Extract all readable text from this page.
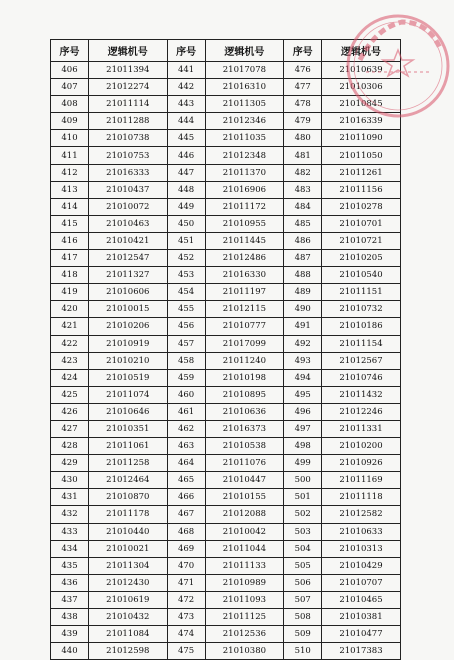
序号	逻辑机号	序号	逻辑机号	序号	逻辑机号
406	21011394	441	21017078	476	21010639
407	21012274	442	21016310	477	21010306
408	21011114	443	21011305	478	21010845
409	21011288	444	21012346	479	21016339
410	21010738	445	21011035	480	21011090
411	21010753	446	21012348	481	21011050
412	21016333	447	21011370	482	21011261
413	21010437	448	21016906	483	21011156
414	21010072	449	21011172	484	21010278
415	21010463	450	21010955	485	21010701
416	21010421	451	21011445	486	21010721
417	21012547	452	21012486	487	21010205
418	21011327	453	21016330	488	21010540
419	21010606	454	21011197	489	21011151
420	21010015	455	21012115	490	21010732
421	21010206	456	21010777	491	21010186
422	21010919	457	21017099	492	21011154
423	21010210	458	21011240	493	21012567
424	21010519	459	21010198	494	21010746
425	21011074	460	21010895	495	21011432
426	21010646	461	21010636	496	21012246
427	21010351	462	21016373	497	21011331
428	21011061	463	21010538	498	21010200
429	21011258	464	21011076	499	21010926
430	21012464	465	21010447	500	21011169
431	21010870	466	21010155	501	21011118
432	21011178	467	21012088	502	21012582
433	21010440	468	21010042	503	21010633
434	21010021	469	21011044	504	21010313
435	21011304	470	21011133	505	21010429
436	21012430	471	21010989	506	21010707
437	21010619	472	21011093	507	21010465
438	21010432	473	21011125	508	21010381
439	21011084	474	21012536	509	21010477
440	21012598	475	21010380	510	21017383
